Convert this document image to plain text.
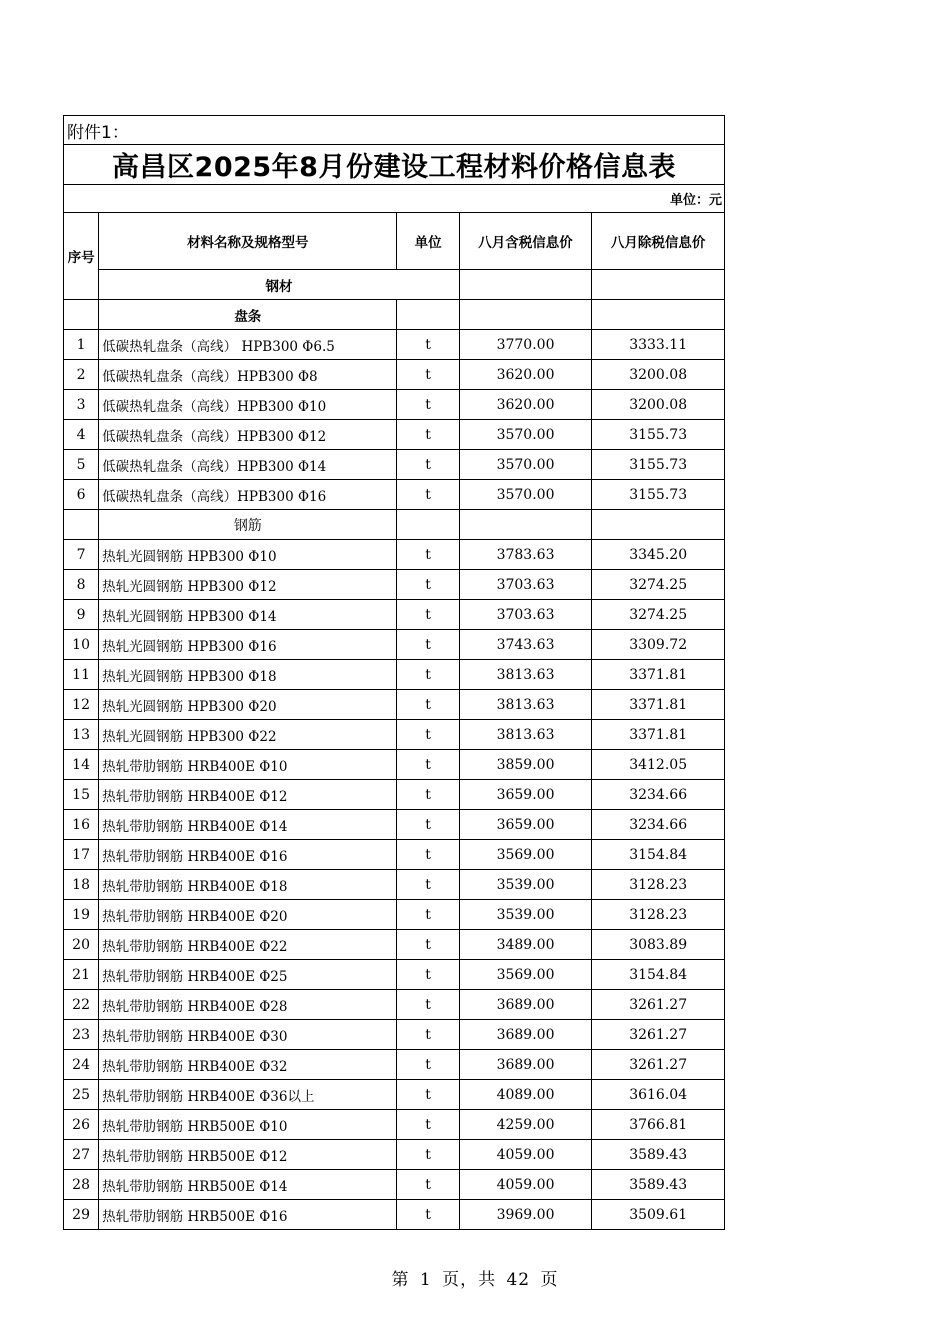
附件1：				
高昌区2025年8月份建设工程材料价格信息表				
单位：元				
序号	材料名称及规格型号	单位	八月含税信息价	八月除税信息价
	钢材			
	盘条			
1	低碳热轧盘条（高线） HPB300 Φ6.5	t	3770.00	3333.11
2	低碳热轧盘条（高线）HPB300 Φ8	t	3620.00	3200.08
3	低碳热轧盘条（高线）HPB300 Φ10	t	3620.00	3200.08
4	低碳热轧盘条（高线）HPB300 Φ12	t	3570.00	3155.73
5	低碳热轧盘条（高线）HPB300 Φ14	t	3570.00	3155.73
6	低碳热轧盘条（高线）HPB300 Φ16	t	3570.00	3155.73
	钢筋			
7	热轧光圆钢筋 HPB300 Φ10	t	3783.63	3345.20
8	热轧光圆钢筋 HPB300 Φ12	t	3703.63	3274.25
9	热轧光圆钢筋 HPB300 Φ14	t	3703.63	3274.25
10	热轧光圆钢筋 HPB300 Φ16	t	3743.63	3309.72
11	热轧光圆钢筋 HPB300 Φ18	t	3813.63	3371.81
12	热轧光圆钢筋 HPB300 Φ20	t	3813.63	3371.81
13	热轧光圆钢筋 HPB300 Φ22	t	3813.63	3371.81
14	热轧带肋钢筋 HRB400E Φ10	t	3859.00	3412.05
15	热轧带肋钢筋 HRB400E Φ12	t	3659.00	3234.66
16	热轧带肋钢筋 HRB400E Φ14	t	3659.00	3234.66
17	热轧带肋钢筋 HRB400E Φ16	t	3569.00	3154.84
18	热轧带肋钢筋 HRB400E Φ18	t	3539.00	3128.23
19	热轧带肋钢筋 HRB400E Φ20	t	3539.00	3128.23
20	热轧带肋钢筋 HRB400E Φ22	t	3489.00	3083.89
21	热轧带肋钢筋 HRB400E Φ25	t	3569.00	3154.84
22	热轧带肋钢筋 HRB400E Φ28	t	3689.00	3261.27
23	热轧带肋钢筋 HRB400E Φ30	t	3689.00	3261.27
24	热轧带肋钢筋 HRB400E Φ32	t	3689.00	3261.27
25	热轧带肋钢筋 HRB400E Φ36以上	t	4089.00	3616.04
26	热轧带肋钢筋 HRB500E Φ10	t	4259.00	3766.81
27	热轧带肋钢筋 HRB500E Φ12	t	4059.00	3589.43
28	热轧带肋钢筋 HRB500E Φ14	t	4059.00	3589.43
29	热轧带肋钢筋 HRB500E Φ16	t	3969.00	3509.61
第 1 页，共 42 页
